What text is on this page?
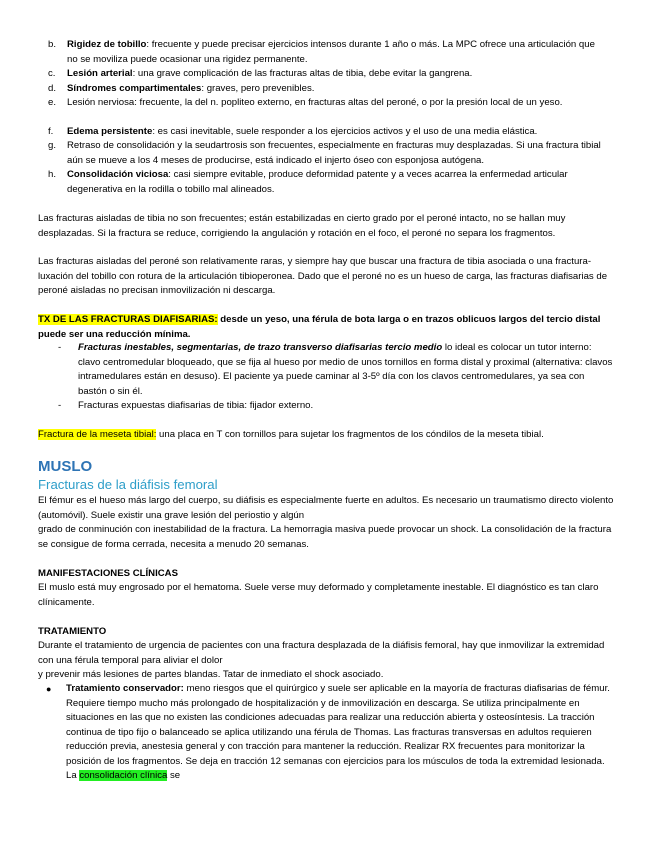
b.	Rigidez de tobillo: frecuente y puede precisar ejercicios intensos durante 1 año o más. La MPC ofrece una articulación que no se moviliza puede ocasionar una rigidez permanente.
c.	Lesión arterial: una grave complicación de las fracturas altas de tibia, debe evitar la gangrena.
d.	Síndromes compartimentales: graves, pero prevenibles.
e.	Lesión nerviosa: frecuente, la del n. popliteo externo, en fracturas altas del peroné, o por la presión local de un yeso.
f.	Edema persistente: es casi inevitable, suele responder a los ejercicios activos y el uso de una media elástica.
g.	Retraso de consolidación y la seudartrosis son frecuentes, especialmente en fracturas muy desplazadas. Si una fractura tibial aún se mueve a los 4 meses de producirse, está indicado el injerto óseo con esponjosa autógena.
h.	Consolidación viciosa: casi siempre evitable, produce deformidad patente y a veces acarrea la enfermedad articular degenerativa en la rodilla o tobillo mal alineados.
Las fracturas aisladas de tibia no son frecuentes; están estabilizadas en cierto grado por el peroné intacto, no se hallan muy desplazadas. Si la fractura se reduce, corrigiendo la angulación y rotación en el foco, el peroné no separa los fragmentos.
Las fracturas aisladas del peroné son relativamente raras, y siempre hay que buscar una fractura de tibia asociada o una fractura-luxación del tobillo con rotura de la articulación tibioperonea. Dado que el peroné no es un hueso de carga, las fracturas diafisarias de peroné aisladas no precisan inmovilización ni descarga.
TX DE LAS FRACTURAS DIAFISARIAS: desde un yeso, una férula de bota larga o en trazos oblicuos largos del tercio distal puede ser una reducción mínima.
- Fracturas inestables, segmentarias, de trazo transverso diafisarias tercio medio lo ideal es colocar un tutor interno: clavo centromedular bloqueado, que se fija al hueso por medio de unos tornillos en forma distal y proximal (alternativa: clavos intramedulares están en desuso). El paciente ya puede caminar al 3-5º día con los clavos centromedulares, ya sea con bastón o sin él.
- Fracturas expuestas diafisarias de tibia: fijador externo.
Fractura de la meseta tibial: una placa en T con tornillos para sujetar los fragmentos de los cóndilos de la meseta tibial.
MUSLO
Fracturas de la diáfisis femoral
El fémur es el hueso más largo del cuerpo, su diáfisis es especialmente fuerte en adultos. Es necesario un traumatismo directo violento (automóvil). Suele existir una grave lesión del periostio y algún
grado de conminución con inestabilidad de la fractura. La hemorragia masiva puede provocar un shock. La consolidación de la fractura se consigue de forma cerrada, necesita a menudo 20 semanas.
MANIFESTACIONES CLÍNICAS
El muslo está muy engrosado por el hematoma. Suele verse muy deformado y completamente inestable. El diagnóstico es tan claro clínicamente.
TRATAMIENTO
Durante el tratamiento de urgencia de pacientes con una fractura desplazada de la diáfisis femoral, hay que inmovilizar la extremidad con una férula temporal para aliviar el dolor
y prevenir más lesiones de partes blandas. Tatar de inmediato el shock asociado.
● Tratamiento conservador: meno riesgos que el quirúrgico y suele ser aplicable en la mayoría de fracturas diafisarias de fémur. Requiere tiempo mucho más prolongado de hospitalización y de inmovilización en descarga. Se utiliza principalmente en situaciones en las que no existen las condiciones adecuadas para realizar una reducción abierta y osteosíntesis. La tracción continua de tipo fijo o balanceado se aplica utilizando una férula de Thomas. Las fracturas transversas en adultos requieren reducción previa, anestesia general y con tracción para mantener la reducción. Realizar RX frecuentes para monitorizar la posición de los fragmentos. Se deja en tracción 12 semanas con ejercicios para los músculos de toda la extremidad lesionada. La consolidación clínica se
